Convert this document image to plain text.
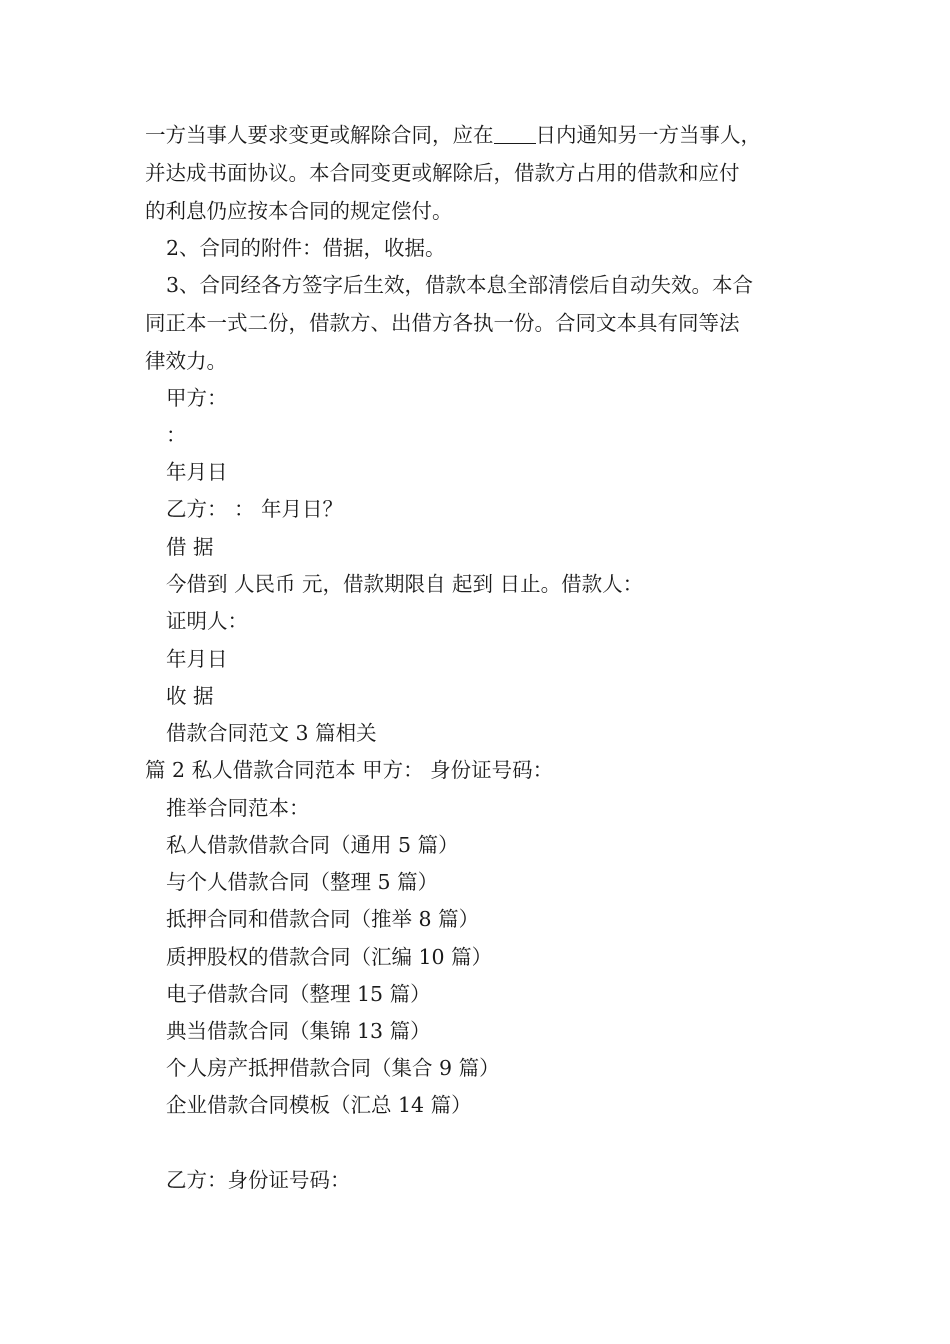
一方当事人要求变更或解除合同，应在 日内通知另一方当事人，
并达成书面协议。本合同变更或解除后，借款方占用的借款和应付
的利息仍应按本合同的规定偿付。
2、合同的附件：借据，收据。
3、合同经各方签字后生效，借款本息全部清偿后自动失效。本合
同正本一式二份，借款方、出借方各执一份。合同文本具有同等法
律效力。
甲方：
：
年月日
乙方： ： 年月日？
借 据
今借到 人民币 元，借款期限自 起到 日止。借款人：
证明人：
年月日
收 据
借款合同范文 3 篇相关
篇 2 私人借款合同范本 甲方： 身份证号码：
推举合同范本：
私人借款借款合同（通用 5 篇）
与个人借款合同（整理 5 篇）
抵押合同和借款合同（推举 8 篇）
质押股权的借款合同（汇编 10 篇）
电子借款合同（整理 15 篇）
典当借款合同（集锦 13 篇）
个人房产抵押借款合同（集合 9 篇）
企业借款合同模板（汇总 14 篇）
乙方：身份证号码：
